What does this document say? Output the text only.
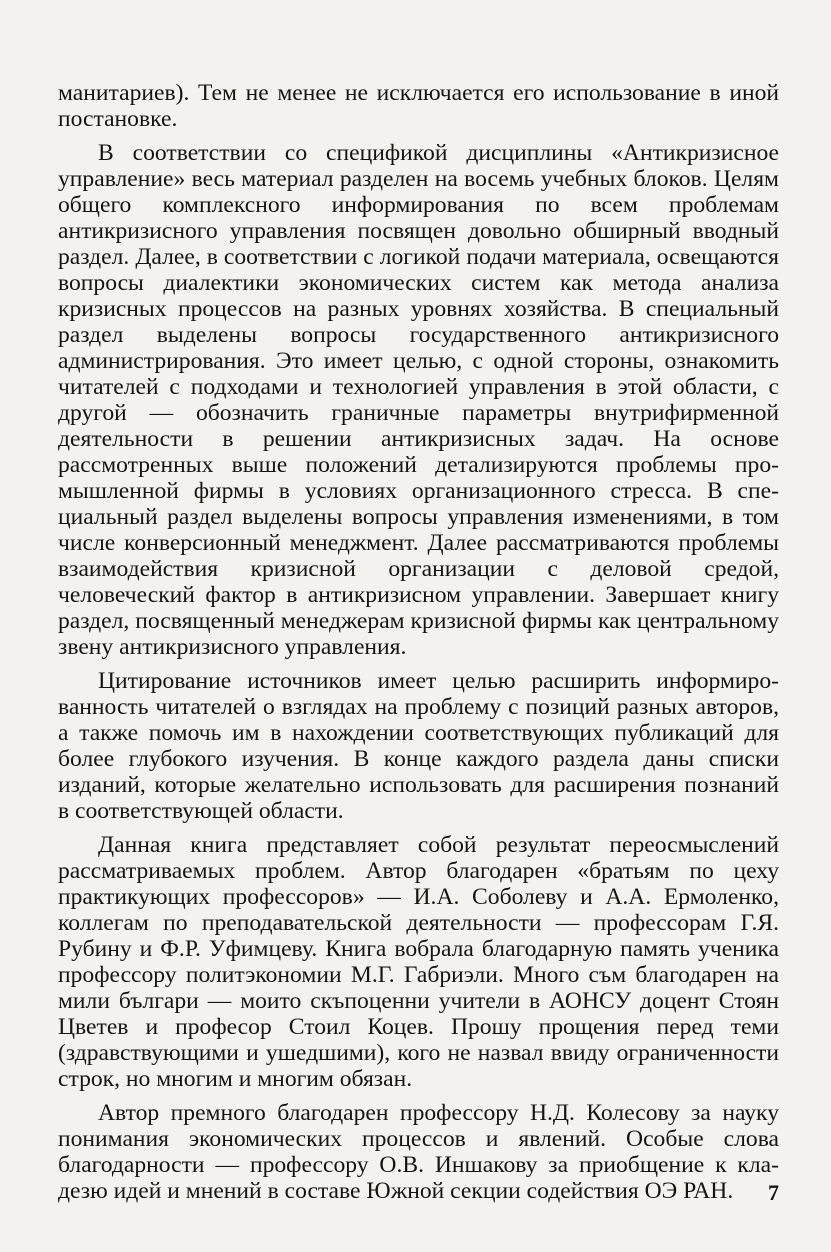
манитариев). Тем не менее не исключается его использование в иной постановке.

В соответствии со спецификой дисциплины «Антикризисное управление» весь материал разделен на восемь учебных блоков. Целям общего комплексного информирования по всем проблемам антикризисного управления посвящен довольно обширный вводный раздел. Далее, в соответствии с логикой подачи материала, освещаются вопросы диалектики экономических систем как метода анализа кризисных процессов на разных уровнях хозяйства. В специальный раздел выделены вопросы государственного антикризисного администрирования. Это имеет целью, с одной стороны, ознакомить читателей с подходами и технологией управления в этой области, с другой — обозначить граничные параметры внутрифирменной деятельности в решении антикризисных задач. На основе рассмотренных выше положений детализируются проблемы промышленной фирмы в условиях организационного стресса. В специальный раздел выделены вопросы управления изменениями, в том числе конверсионный менеджмент. Далее рассматриваются проблемы взаимодействия кризисной организации с деловой средой, человеческий фактор в антикризисном управлении. Завершает книгу раздел, посвященный менеджерам кризисной фирмы как центральному звену антикризисного управления.

Цитирование источников имеет целью расширить информированность читателей о взглядах на проблему с позиций разных авторов, а также помочь им в нахождении соответствующих публикаций для более глубокого изучения. В конце каждого раздела даны списки изданий, которые желательно использовать для расширения познаний в соответствующей области.

Данная книга представляет собой результат переосмыслений рассматриваемых проблем. Автор благодарен «братьям по цеху практикующих профессоров» — И.А. Соболеву и А.А. Ермоленко, коллегам по преподавательской деятельности — профессорам Г.Я. Рубину и Ф.Р. Уфимцеву. Книга вобрала благодарную память ученика профессору политэкономии М.Г. Габриэли. Много съм благодарен на мили българи — моито скъпоценни учители в АОНСУ доцент Стоян Цветев и професор Стоил Коцев. Прошу прощения перед теми (здравствующими и ушедшими), кого не назвал ввиду ограниченности строк, но многим и многим обязан.

Автор премного благодарен профессору Н.Д. Колесову за науку понимания экономических процессов и явлений. Особые слова благодарности — профессору О.В. Иншакову за приобщение к кладезю идей и мнений в составе Южной секции содействия ОЭ РАН.	7
